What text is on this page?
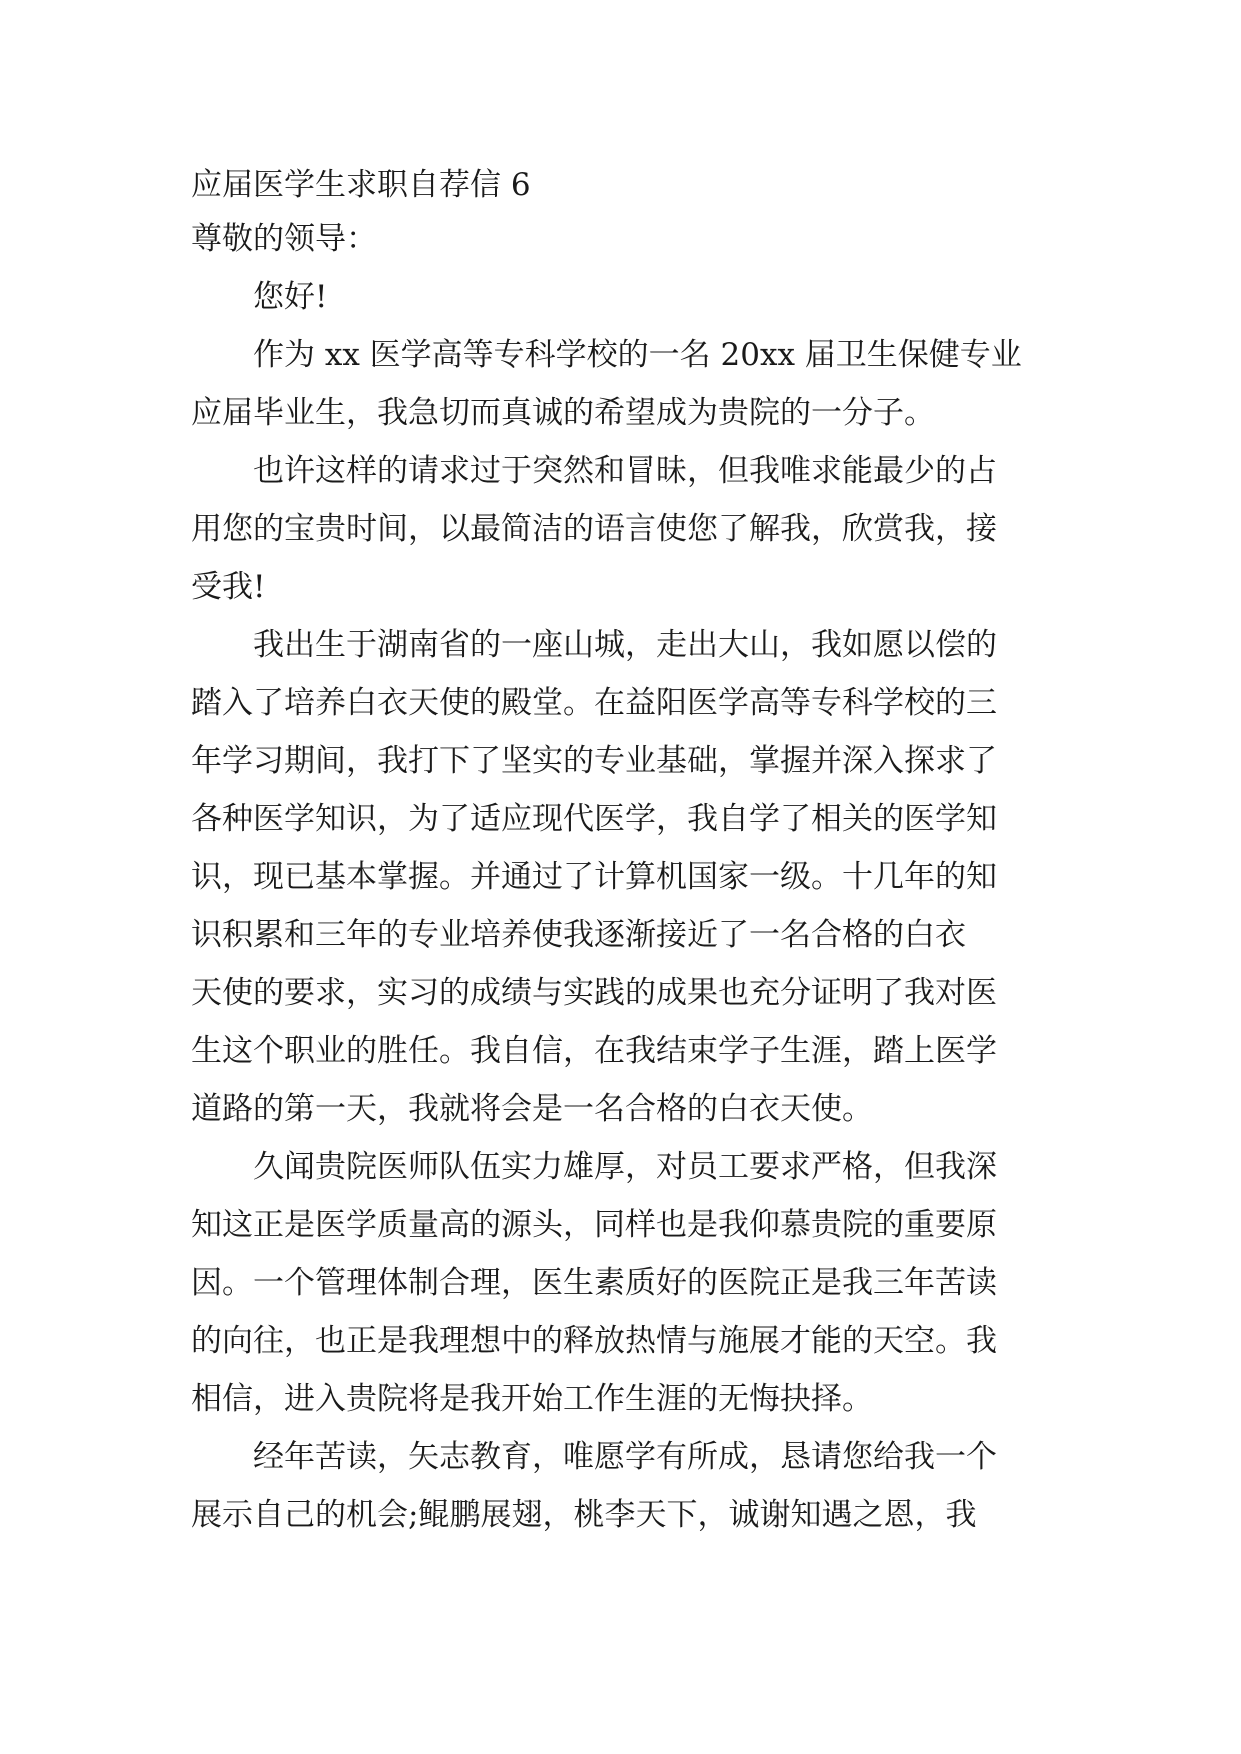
应届医学生求职自荐信 6
尊敬的领导：
您好!
作为 xx 医学高等专科学校的一名 20xx 届卫生保健专业
应届毕业生，我急切而真诚的希望成为贵院的一分子。
也许这样的请求过于突然和冒昧，但我唯求能最少的占
用您的宝贵时间，以最简洁的语言使您了解我，欣赏我，接
受我!
我出生于湖南省的一座山城，走出大山，我如愿以偿的
踏入了培养白衣天使的殿堂。在益阳医学高等专科学校的三
年学习期间，我打下了坚实的专业基础，掌握并深入探求了
各种医学知识，为了适应现代医学，我自学了相关的医学知
识，现已基本掌握。并通过了计算机国家一级。十几年的知
识积累和三年的专业培养使我逐渐接近了一名合格的白衣
天使的要求，实习的成绩与实践的成果也充分证明了我对医
生这个职业的胜任。我自信，在我结束学子生涯，踏上医学
道路的第一天，我就将会是一名合格的白衣天使。
久闻贵院医师队伍实力雄厚，对员工要求严格，但我深
知这正是医学质量高的源头，同样也是我仰慕贵院的重要原
因。一个管理体制合理，医生素质好的医院正是我三年苦读
的向往，也正是我理想中的释放热情与施展才能的天空。我
相信，进入贵院将是我开始工作生涯的无悔抉择。
经年苦读，矢志教育，唯愿学有所成，恳请您给我一个
展示自己的机会;鲲鹏展翅，桃李天下，诚谢知遇之恩，我
